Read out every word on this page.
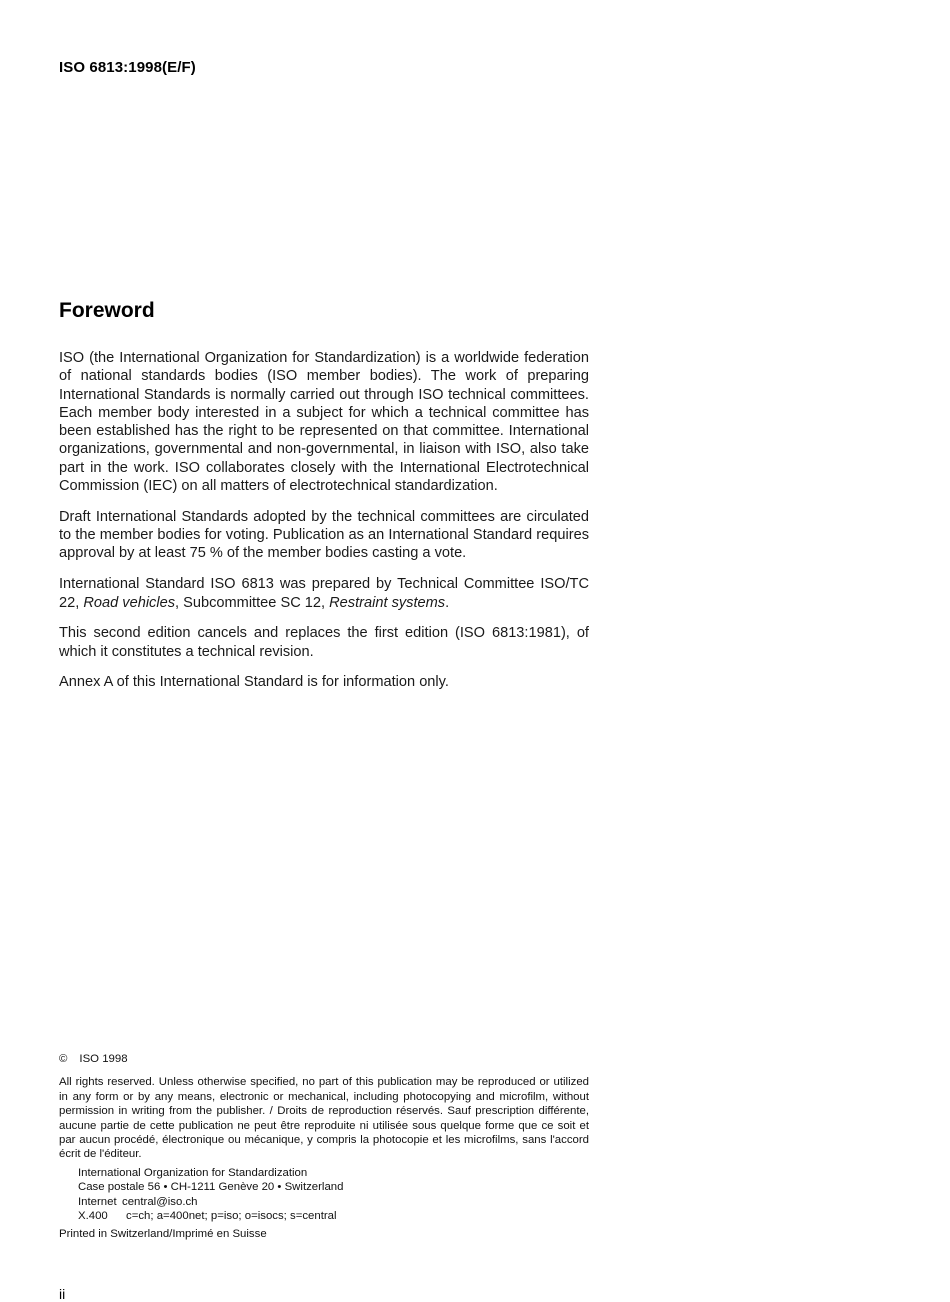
ISO 6813:1998(E/F)
Foreword

ISO (the International Organization for Standardization) is a worldwide federation of national standards bodies (ISO member bodies). The work of preparing International Standards is normally carried out through ISO technical committees. Each member body interested in a subject for which a technical committee has been established has the right to be represented on that committee. International organizations, governmental and non-governmental, in liaison with ISO, also take part in the work. ISO collaborates closely with the International Electrotechnical Commission (IEC) on all matters of electrotechnical standardization.

Draft International Standards adopted by the technical committees are circulated to the member bodies for voting. Publication as an International Standard requires approval by at least 75 % of the member bodies casting a vote.

International Standard ISO 6813 was prepared by Technical Committee ISO/TC 22, Road vehicles, Subcommittee SC 12, Restraint systems.

This second edition cancels and replaces the first edition (ISO 6813:1981), of which it constitutes a technical revision.

Annex A of this International Standard is for information only.

© ISO 1998
All rights reserved. Unless otherwise specified, no part of this publication may be reproduced or utilized in any form or by any means, electronic or mechanical, including photocopying and microfilm, without permission in writing from the publisher. / Droits de reproduction réservés. Sauf prescription différente, aucune partie de cette publication ne peut être reproduite ni utilisée sous quelque forme que ce soit et par aucun procédé, électronique ou mécanique, y compris la photocopie et les microfilms, sans l'accord écrit de l'éditeur.
International Organization for Standardization
Case postale 56 • CH-1211 Genève 20 • Switzerland
Internet central@iso.ch
X.400	c=ch; a=400net; p=iso; o=isocs; s=central
Printed in Switzerland/Imprimé en Suisse
ii
